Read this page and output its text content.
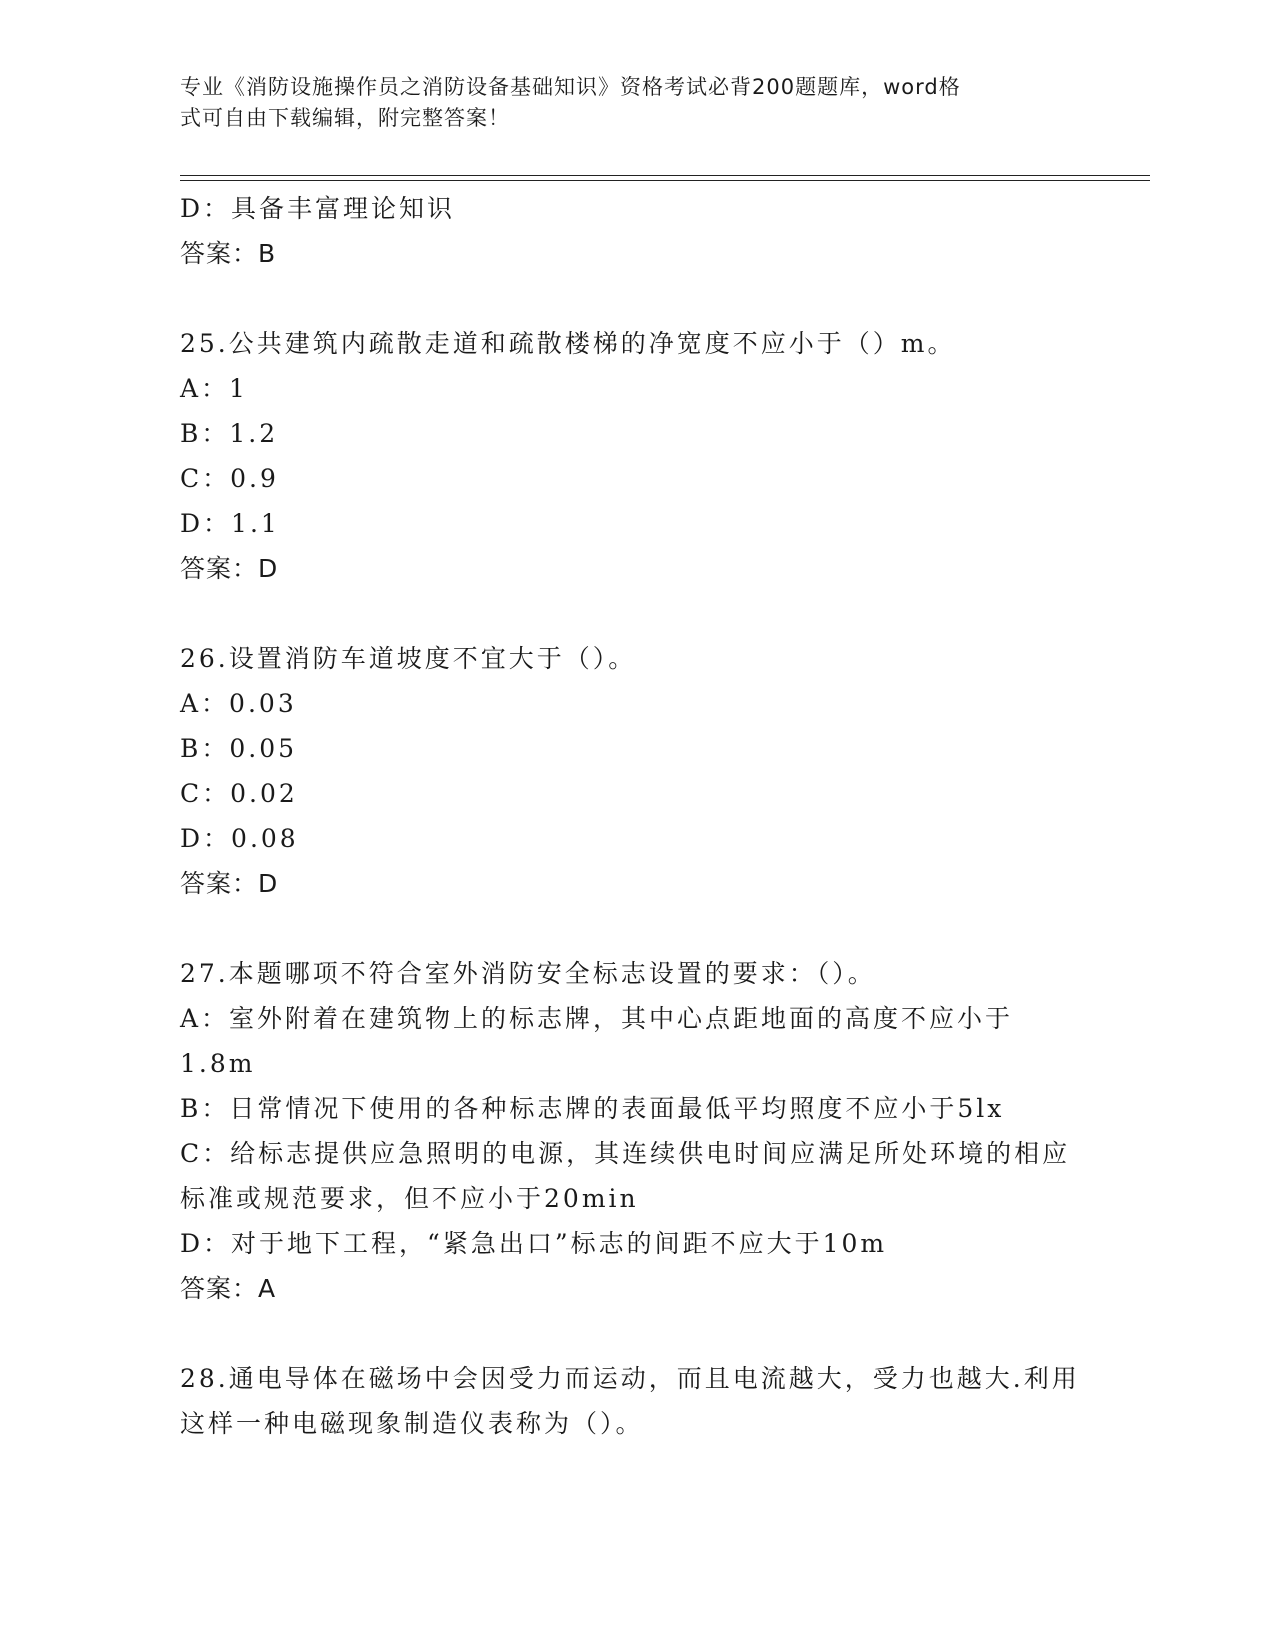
专业《消防设施操作员之消防设备基础知识》资格考试必背200题题库，word格
式可自由下载编辑，附完整答案！
D：具备丰富理论知识
答案：B
25.公共建筑内疏散走道和疏散楼梯的净宽度不应小于（）m。
A：1
B：1.2
C：0.9
D：1.1
答案：D
26.设置消防车道坡度不宜大于（）。
A：0.03
B：0.05
C：0.02
D：0.08
答案：D
27.本题哪项不符合室外消防安全标志设置的要求：（）。
A：室外附着在建筑物上的标志牌，其中心点距地面的高度不应小于1.8m
B：日常情况下使用的各种标志牌的表面最低平均照度不应小于5lx
C：给标志提供应急照明的电源，其连续供电时间应满足所处环境的相应标准或规范要求，但不应小于20min
D：对于地下工程，“紧急出口”标志的间距不应大于10m
答案：A
28.通电导体在磁场中会因受力而运动，而且电流越大，受力也越大.利用这样一种电磁现象制造仪表称为（）。
